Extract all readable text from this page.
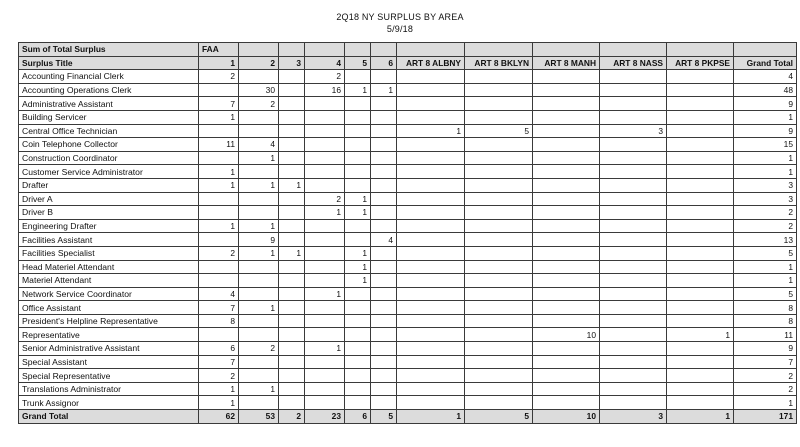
2Q18 NY SURPLUS BY AREA
5/9/18
Sum of Total Surplus	FAA											
Surplus Title	1	2	3	4	5	6	ART 8 ALBNY	ART 8 BKLYN	ART 8 MANH	ART 8 NASS	ART 8 PKPSE	Grand Total
Accounting Financial Clerk	2			2								4
Accounting Operations Clerk		30		16	1	1						48
Administrative Assistant	7	2										9
Building Servicer	1											1
Central Office Technician							1	5		3		9
Coin Telephone Collector	11	4										15
Construction Coordinator		1										1
Customer Service Administrator	1											1
Drafter	1	1	1									3
Driver A				2	1							3
Driver B				1	1							2
Engineering Drafter	1	1										2
Facilities Assistant		9				4						13
Facilities Specialist	2	1	1		1							5
Head Materiel Attendant					1							1
Materiel Attendant					1							1
Network Service Coordinator	4			1								5
Office Assistant	7	1										8
President's Helpline Representative	8											8
Representative									10		1	11
Senior Administrative Assistant	6	2		1								9
Special Assistant	7											7
Special Representative	2											2
Translations Administrator	1	1										2
Trunk Assignor	1											1
Grand Total	62	53	2	23	6	5	1	5	10	3	1	171
